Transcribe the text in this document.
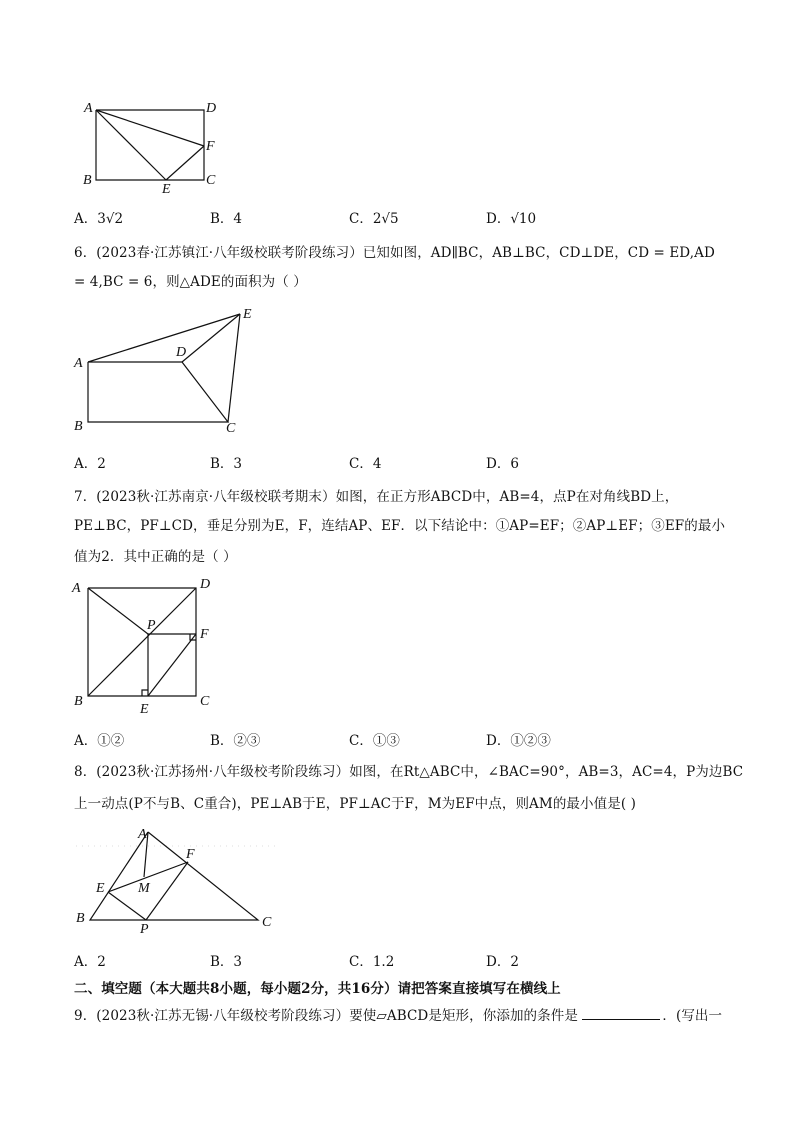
A	D
F
B
E
C
A．3√2	B．4	C．2√5	D．√10
6．(2023春·江苏镇江·八年级校联考阶段练习）已知如图，AD∥BC，AB⊥BC，CD⊥DE，CD = ED,AD
= 4,BC = 6，则△ADE的面积为（ ）
A
B	C
D
E
A．2	B．3	C．4	D．6
7．(2023秋·江苏南京·八年级校联考期末）如图，在正方形ABCD中，AB=4，点P在对角线BD上，
PE⊥BC，PF⊥CD，垂足分别为E，F，连结AP、EF．以下结论中：①AP=EF；②AP⊥EF；③EF的最小
值为2．其中正确的是（ ）
A	D
P
F
B
E
C
A．①②	B．②③	C．①③	D．①②③
8．(2023秋·江苏扬州·八年级校考阶段练习）如图，在Rt△ABC中，∠BAC=90°，AB=3，AC=4，P为边BC
上一动点(P不与B、C重合)，PE⊥AB于E，PF⊥AC于F，M为EF中点，则AM的最小值是( )
A
F
E M
B
P	C
A．2	B．3	C．1.2	D．2
二、填空题（本大题共8小题，每小题2分，共16分）请把答案直接填写在横线上
9．(2023秋·江苏无锡·八年级校考阶段练习）要使▱ABCD是矩形，你添加的条件是	．(写出一
